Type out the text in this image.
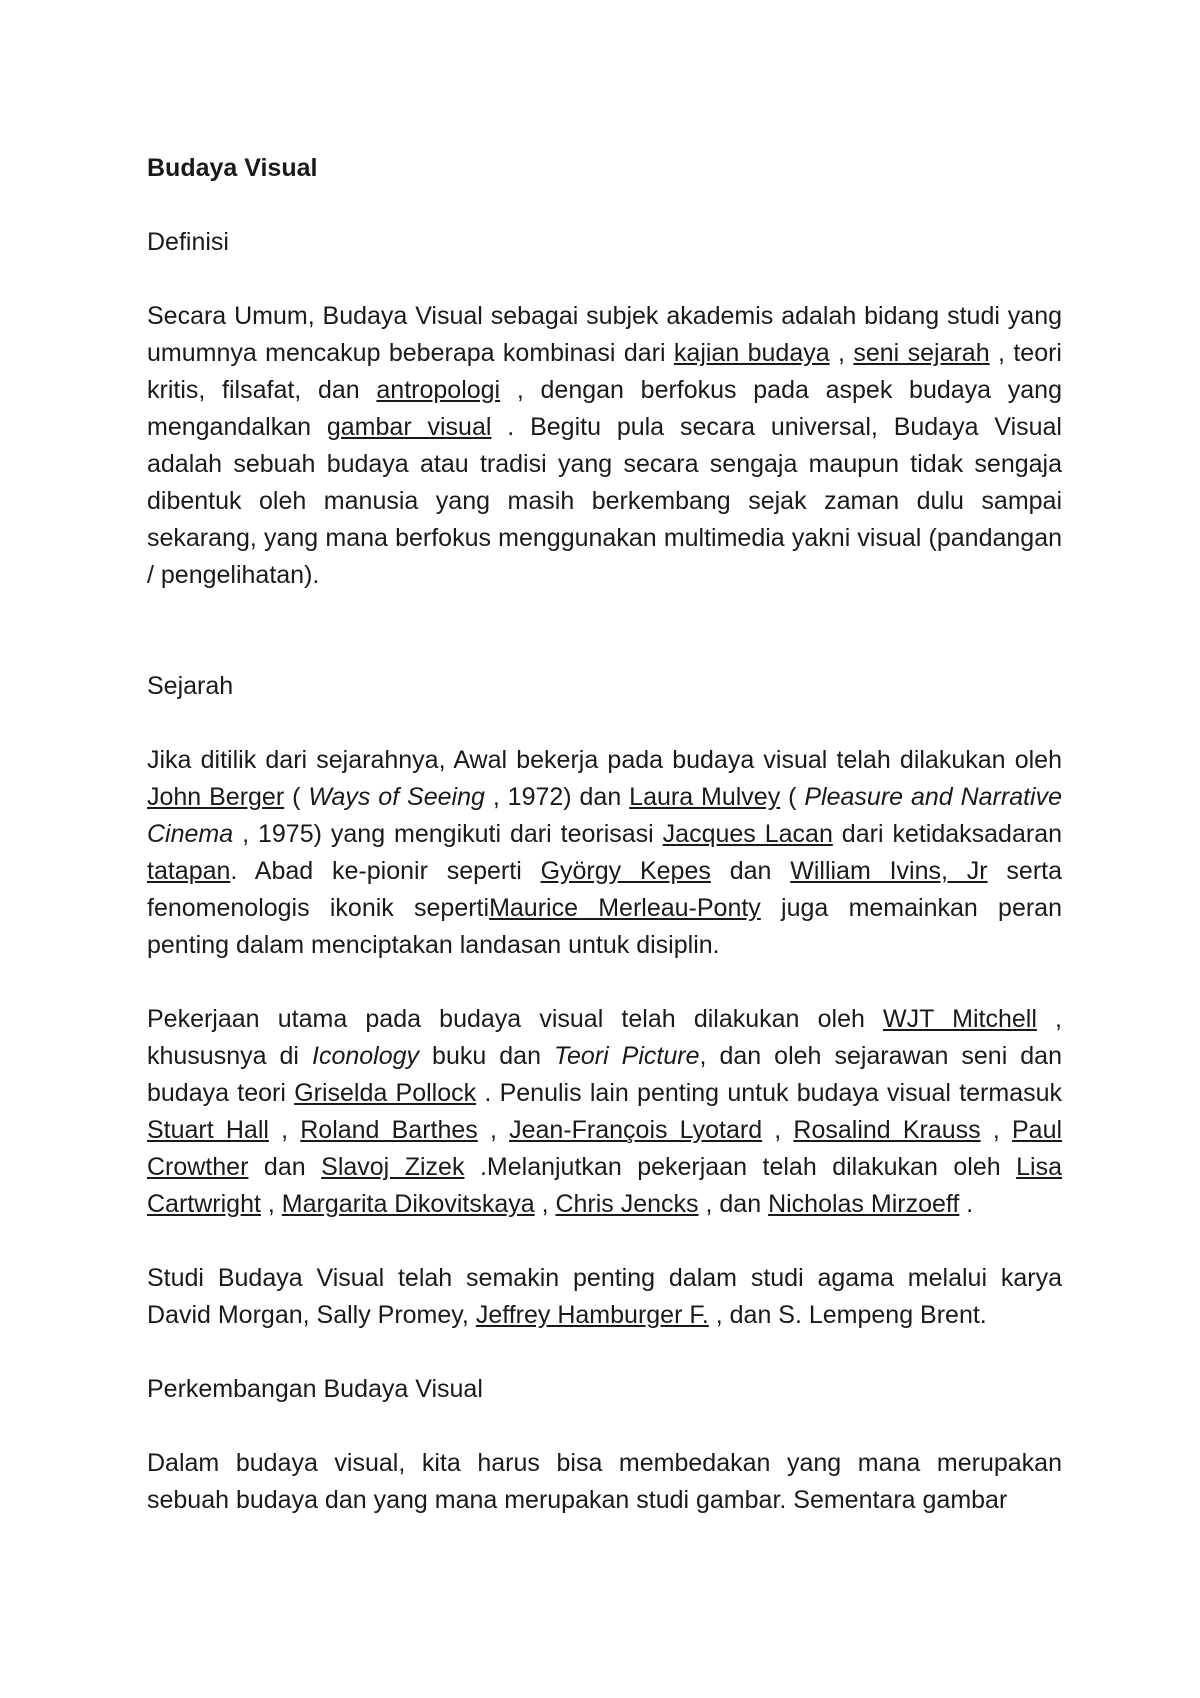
Budaya Visual
Definisi

Secara Umum, Budaya Visual sebagai subjek akademis adalah bidang studi yang umumnya mencakup beberapa kombinasi dari kajian budaya , seni sejarah , teori kritis, filsafat, dan antropologi , dengan berfokus pada aspek budaya yang mengandalkan gambar visual . Begitu pula secara universal, Budaya Visual adalah sebuah budaya atau tradisi yang secara sengaja maupun tidak sengaja dibentuk oleh manusia yang masih berkembang sejak zaman dulu sampai sekarang, yang mana berfokus menggunakan multimedia yakni visual (pandangan / pengelihatan).

Sejarah

Jika ditilik dari sejarahnya, Awal bekerja pada budaya visual telah dilakukan oleh John Berger ( Ways of Seeing , 1972) dan Laura Mulvey ( Pleasure and Narrative Cinema , 1975) yang mengikuti dari teorisasi Jacques Lacan dari ketidaksadaran tatapan. Abad ke-pionir seperti György Kepes dan William Ivins, Jr serta fenomenologis ikonik sepertiMaurice Merleau-Ponty juga memainkan peran penting dalam menciptakan landasan untuk disiplin.

Pekerjaan utama pada budaya visual telah dilakukan oleh WJT Mitchell , khususnya di Iconology buku dan Teori Picture, dan oleh sejarawan seni dan budaya teori Griselda Pollock . Penulis lain penting untuk budaya visual termasuk Stuart Hall , Roland Barthes , Jean-François Lyotard , Rosalind Krauss , Paul Crowther dan Slavoj Zizek .Melanjutkan pekerjaan telah dilakukan oleh Lisa Cartwright , Margarita Dikovitskaya , Chris Jencks , dan Nicholas Mirzoeff .

Studi Budaya Visual telah semakin penting dalam studi agama melalui karya David Morgan, Sally Promey, Jeffrey Hamburger F. , dan S. Lempeng Brent.

Perkembangan Budaya Visual

Dalam budaya visual, kita harus bisa membedakan yang mana merupakan sebuah budaya dan yang mana merupakan studi gambar. Sementara gambar
